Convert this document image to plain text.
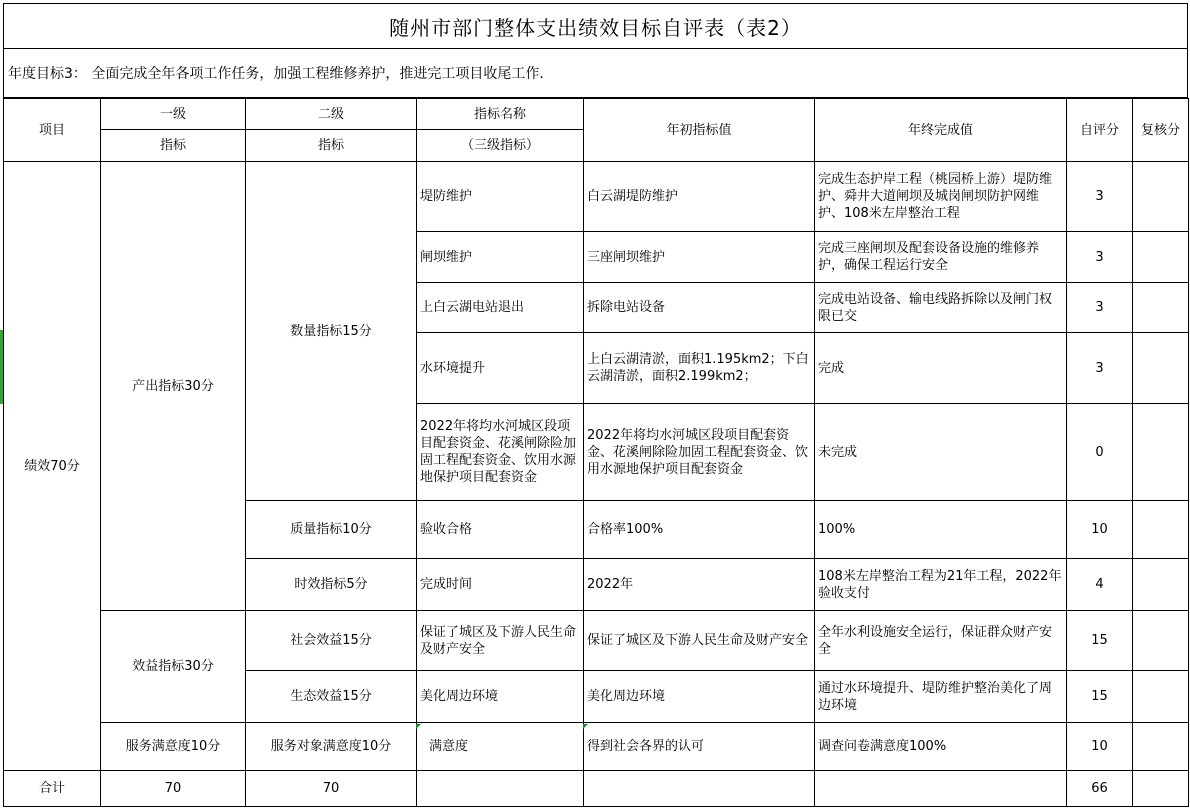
随州市部门整体支出绩效目标自评表（表2）
年度目标3： 全面完成全年各项工作任务，加强工程维修养护，推进完工项目收尾工作.
项目	一级	二级	指标名称	年初指标值	年终完成值	自评分	复核分
	指标	指标	（三级指标）				
绩效70分	产出指标30分	数量指标15分	堤防维护	白云湖堤防维护	完成生态护岸工程（桃园桥上游）堤防维护、舜井大道闸坝及城岗闸坝防护网维护、108米左岸整治工程	3	
			闸坝维护	三座闸坝维护	完成三座闸坝及配套设备设施的维修养护，确保工程运行安全	3	
			上白云湖电站退出	拆除电站设备	完成电站设备、输电线路拆除以及闸门权限已交	3	
			水环境提升	上白云湖清淤，面积1.195km2；下白云湖清淤，面积2.199km2；	完成	3	
			2022年将均水河城区段项目配套资金、花溪闸除险加固工程配套资金、饮用水源地保护项目配套资金	2022年将均水河城区段项目配套资金、花溪闸除险加固工程配套资金、饮用水源地保护项目配套资金	未完成	0	
		质量指标10分	验收合格	合格率100%	100%	10	
		时效指标5分	完成时间	2022年	108米左岸整治工程为21年工程，2022年验收支付	4	
	效益指标30分	社会效益15分	保证了城区及下游人民生命及财产安全	保证了城区及下游人民生命及财产安全	全年水利设施安全运行，保证群众财产安全	15	
		生态效益15分	美化周边环境	美化周边环境	通过水环境提升、堤防维护整治美化了周边环境	15	
	服务满意度10分	服务对象满意度10分	满意度	得到社会各界的认可	调查问卷满意度100%	10	
合计	70	70				66	
